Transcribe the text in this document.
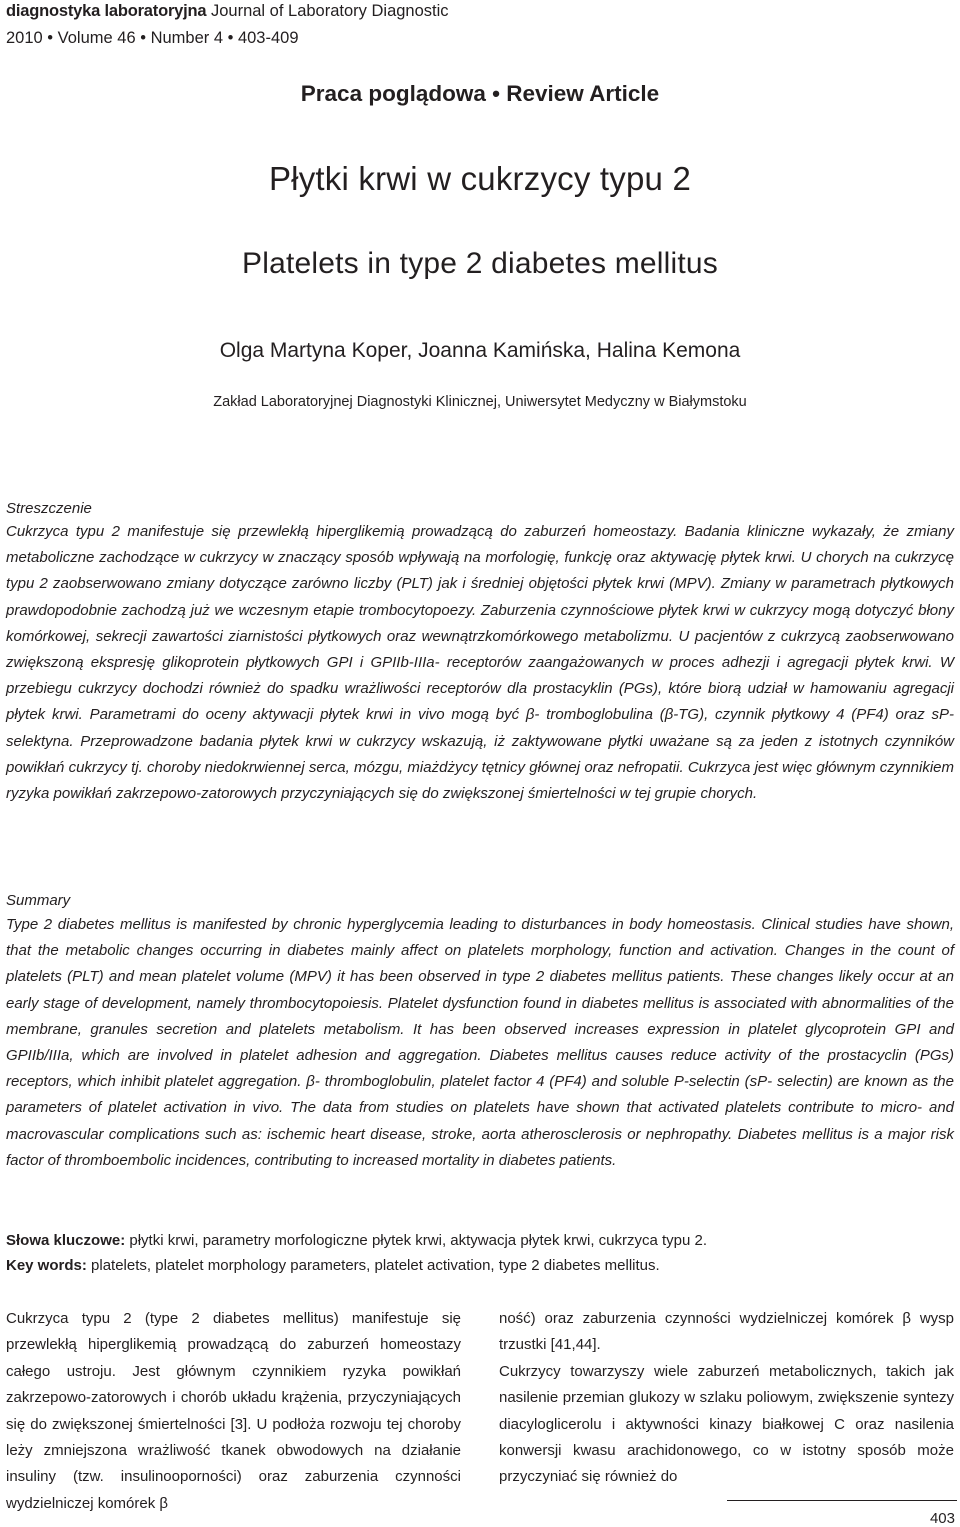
diagnostyka laboratoryjna Journal of Laboratory Diagnostic
2010 • Volume 46 • Number 4 • 403-409
Praca poglądowa • Review Article
Płytki krwi w cukrzycy typu 2
Platelets in type 2 diabetes mellitus
Olga Martyna Koper, Joanna Kamińska, Halina Kemona
Zakład Laboratoryjnej Diagnostyki Klinicznej, Uniwersytet Medyczny w Białymstoku
Streszczenie

Cukrzyca typu 2 manifestuje się przewlekłą hiperglikemią prowadzącą do zaburzeń homeostazy. Badania kliniczne wykazały, że zmiany metaboliczne zachodzące w cukrzycy w znaczący sposób wpływają na morfologię, funkcję oraz aktywację płytek krwi. U chorych na cukrzycę typu 2 zaobserwowano zmiany dotyczące zarówno liczby (PLT) jak i średniej objętości płytek krwi (MPV). Zmiany w parametrach płytkowych prawdopodobnie zachodzą już we wczesnym etapie trombocytopoezy. Zaburzenia czynnościowe płytek krwi w cukrzycy mogą dotyczyć błony komórkowej, sekrecji zawartości ziarnistości płytkowych oraz wewnątrzkomórkowego metabolizmu. U pacjentów z cukrzycą zaobserwowano zwiększoną ekspresję glikoprotein płytkowych GPI i GPIIb-IIIa- receptorów zaangażowanych w proces adhezji i agregacji płytek krwi. W przebiegu cukrzycy dochodzi również do spadku wrażliwości receptorów dla prostacyklin (PGs), które biorą udział w hamowaniu agregacji płytek krwi. Parametrami do oceny aktywacji płytek krwi in vivo mogą być β- tromboglobulina (β-TG), czynnik płytkowy 4 (PF4) oraz sP-selektyna. Przeprowadzone badania płytek krwi w cukrzycy wskazują, iż zaktywowane płytki uważane są za jeden z istotnych czynników powikłań cukrzycy tj. choroby niedokrwiennej serca, mózgu, miażdżycy tętnicy głównej oraz nefropatii. Cukrzyca jest więc głównym czynnikiem ryzyka powikłań zakrzepowo-zatorowych przyczyniających się do zwiększonej śmiertelności w tej grupie chorych.

Summary

Type 2 diabetes mellitus is manifested by chronic hyperglycemia leading to disturbances in body homeostasis. Clinical studies have shown, that the metabolic changes occurring in diabetes mainly affect on platelets morphology, function and activation. Changes in the count of platelets (PLT) and mean platelet volume (MPV) it has been observed in type 2 diabetes mellitus patients. These changes likely occur at an early stage of development, namely thrombocytopoiesis. Platelet dysfunction found in diabetes mellitus is associated with abnormalities of the membrane, granules secretion and platelets metabolism. It has been observed increases expression in platelet glycoprotein GPI and GPIIb/IIIa, which are involved in platelet adhesion and aggregation. Diabetes mellitus causes reduce activity of the prostacyclin (PGs) receptors, which inhibit platelet aggregation. β- thromboglobulin, platelet factor 4 (PF4) and soluble P-selectin (sP- selectin) are known as the parameters of platelet activation in vivo. The data from studies on platelets have shown that activated platelets contribute to micro- and macrovascular complications such as: ischemic heart disease, stroke, aorta atherosclerosis or nephropathy. Diabetes mellitus is a major risk factor of thromboembolic incidences, contributing to increased mortality in diabetes patients.

Słowa kluczowe: płytki krwi, parametry morfologiczne płytek krwi, aktywacja płytek krwi, cukrzyca typu 2.
Key words: platelets, platelet morphology parameters, platelet activation, type 2 diabetes mellitus.

Cukrzyca typu 2 (type 2 diabetes mellitus) manifestuje się przewlekłą hiperglikemią prowadzącą do zaburzeń homeostazy całego ustroju. Jest głównym czynnikiem ryzyka powikłań zakrzepowo-zatorowych i chorób układu krążenia, przyczyniających się do zwiększonej śmiertelności [3]. U podłoża rozwoju tej choroby leży zmniejszona wrażliwość tkanek obwodowych na działanie insuliny (tzw. insulinooporności) oraz zaburzenia czynności wydzielniczej komórek β

ność) oraz zaburzenia czynności wydzielniczej komórek β wysp trzustki [41,44].

Cukrzycy towarzyszy wiele zaburzeń metabolicznych, takich jak nasilenie przemian glukozy w szlaku poliowym, zwiększenie syntezy diacyloglicerolu i aktywności kinazy białkowej C oraz nasilenia konwersji kwasu arachidonowego, co w istotny sposób może przyczyniać się również do

403
